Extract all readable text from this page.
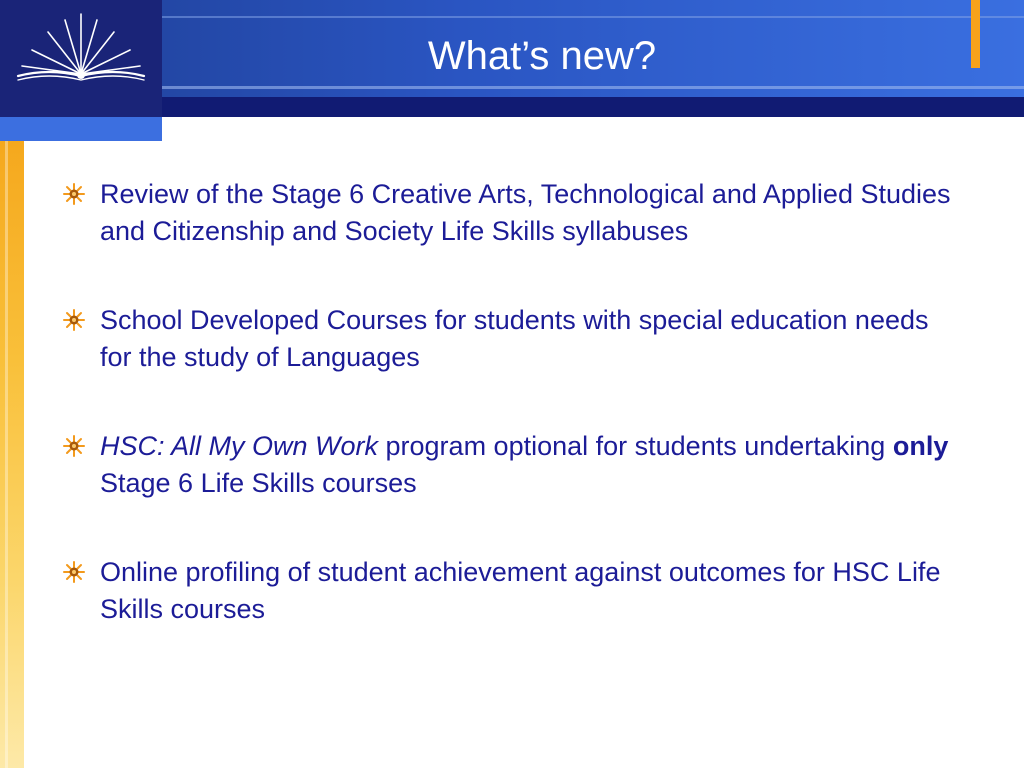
What’s new?
Review of the Stage 6 Creative Arts, Technological and Applied Studies and Citizenship and Society Life Skills syllabuses
School Developed Courses for students with special education needs for the study of Languages
HSC: All My Own Work program optional for students undertaking only Stage 6 Life Skills courses
Online profiling of student achievement against outcomes for HSC Life Skills courses
